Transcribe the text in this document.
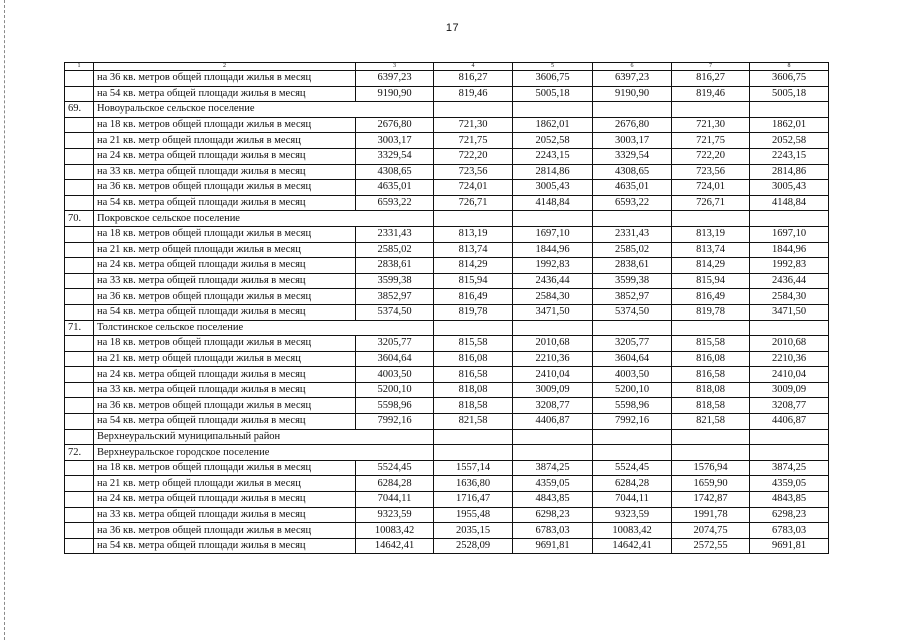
17
1	2	3	4	5	6	7	8
	на 36 кв. метров общей площади жилья в месяц	6397,23	816,27	3606,75	6397,23	816,27	3606,75
	на 54 кв. метра общей площади жилья в месяц	9190,90	819,46	5005,18	9190,90	819,46	5005,18
69.	Новоуральское сельское поселение						
	на 18 кв. метров общей площади жилья в месяц	2676,80	721,30	1862,01	2676,80	721,30	1862,01
	на 21 кв. метр общей площади жилья в месяц	3003,17	721,75	2052,58	3003,17	721,75	2052,58
	на 24 кв. метра общей площади жилья в месяц	3329,54	722,20	2243,15	3329,54	722,20	2243,15
	на 33 кв. метра общей площади жилья в месяц	4308,65	723,56	2814,86	4308,65	723,56	2814,86
	на 36 кв. метров общей площади жилья в месяц	4635,01	724,01	3005,43	4635,01	724,01	3005,43
	на 54 кв. метра общей площади жилья в месяц	6593,22	726,71	4148,84	6593,22	726,71	4148,84
70.	Покровское сельское поселение						
	на 18 кв. метров общей площади жилья в месяц	2331,43	813,19	1697,10	2331,43	813,19	1697,10
	на 21 кв. метр общей площади жилья в месяц	2585,02	813,74	1844,96	2585,02	813,74	1844,96
	на 24 кв. метра общей площади жилья в месяц	2838,61	814,29	1992,83	2838,61	814,29	1992,83
	на 33 кв. метра общей площади жилья в месяц	3599,38	815,94	2436,44	3599,38	815,94	2436,44
	на 36 кв. метров общей площади жилья в месяц	3852,97	816,49	2584,30	3852,97	816,49	2584,30
	на 54 кв. метра общей площади жилья в месяц	5374,50	819,78	3471,50	5374,50	819,78	3471,50
71.	Толстинское сельское поселение						
	на 18 кв. метров общей площади жилья в месяц	3205,77	815,58	2010,68	3205,77	815,58	2010,68
	на 21 кв. метр общей площади жилья в месяц	3604,64	816,08	2210,36	3604,64	816,08	2210,36
	на 24 кв. метра общей площади жилья в месяц	4003,50	816,58	2410,04	4003,50	816,58	2410,04
	на 33 кв. метра общей площади жилья в месяц	5200,10	818,08	3009,09	5200,10	818,08	3009,09
	на 36 кв. метров общей площади жилья в месяц	5598,96	818,58	3208,77	5598,96	818,58	3208,77
	на 54 кв. метра общей площади жилья в месяц	7992,16	821,58	4406,87	7992,16	821,58	4406,87
	Верхнеуральский муниципальный район						
72.	Верхнеуральское городское поселение						
	на 18 кв. метров общей площади жилья в месяц	5524,45	1557,14	3874,25	5524,45	1576,94	3874,25
	на 21 кв. метр общей площади жилья в месяц	6284,28	1636,80	4359,05	6284,28	1659,90	4359,05
	на 24 кв. метра общей площади жилья в месяц	7044,11	1716,47	4843,85	7044,11	1742,87	4843,85
	на 33 кв. метра общей площади жилья в месяц	9323,59	1955,48	6298,23	9323,59	1991,78	6298,23
	на 36 кв. метров общей площади жилья в месяц	10083,42	2035,15	6783,03	10083,42	2074,75	6783,03
	на 54 кв. метра общей площади жилья в месяц	14642,41	2528,09	9691,81	14642,41	2572,55	9691,81
